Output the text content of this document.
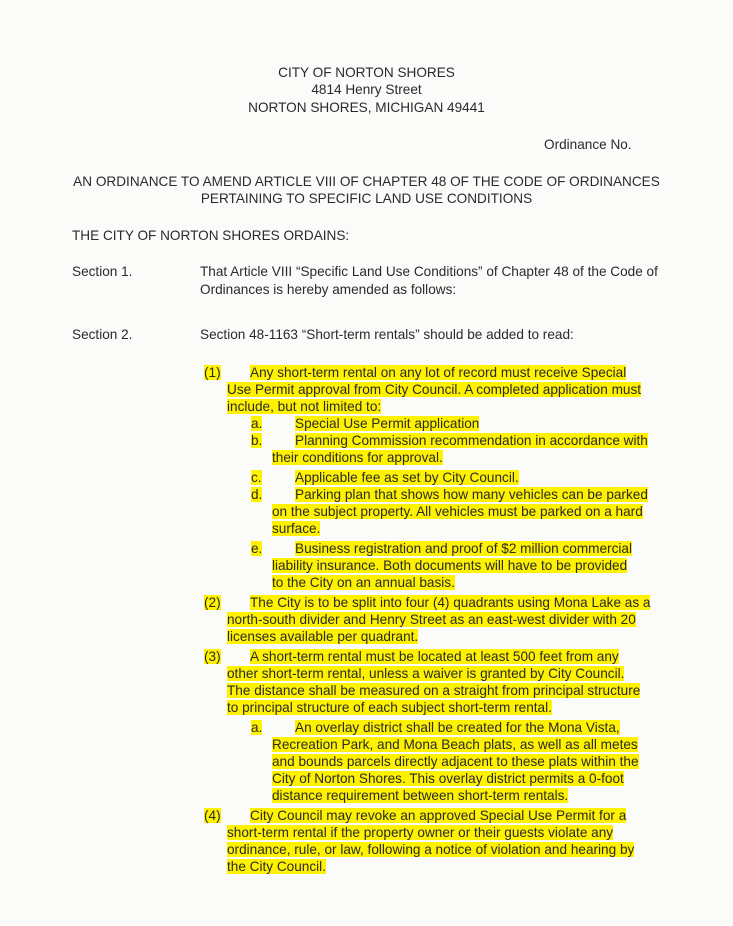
CITY OF NORTON SHORES
4814 Henry Street
NORTON SHORES, MICHIGAN 49441
Ordinance No.
AN ORDINANCE TO AMEND ARTICLE VIII OF CHAPTER 48 OF THE CODE OF ORDINANCES
PERTAINING TO SPECIFIC LAND USE CONDITIONS
THE CITY OF NORTON SHORES ORDAINS:
Section 1.	That Article VIII “Specific Land Use Conditions” of Chapter 48 of the Code of
Ordinances is hereby amended as follows:
Section 2.	Section 48-1163 “Short-term rentals” should be added to read:
(1) Any short-term rental on any lot of record must receive Special
Use Permit approval from City Council. A completed application must
include, but not limited to:
a. Special Use Permit application
b. Planning Commission recommendation in accordance with
their conditions for approval.
c. Applicable fee as set by City Council.
d. Parking plan that shows how many vehicles can be parked
on the subject property. All vehicles must be parked on a hard
surface.
e. Business registration and proof of $2 million commercial
liability insurance. Both documents will have to be provided
to the City on an annual basis.
(2) The City is to be split into four (4) quadrants using Mona Lake as a
north-south divider and Henry Street as an east-west divider with 20
licenses available per quadrant.
(3) A short-term rental must be located at least 500 feet from any
other short-term rental, unless a waiver is granted by City Council.
The distance shall be measured on a straight from principal structure
to principal structure of each subject short-term rental.
a. An overlay district shall be created for the Mona Vista,
Recreation Park, and Mona Beach plats, as well as all metes
and bounds parcels directly adjacent to these plats within the
City of Norton Shores. This overlay district permits a 0-foot
distance requirement between short-term rentals.
(4) City Council may revoke an approved Special Use Permit for a
short-term rental if the property owner or their guests violate any
ordinance, rule, or law, following a notice of violation and hearing by
the City Council.
